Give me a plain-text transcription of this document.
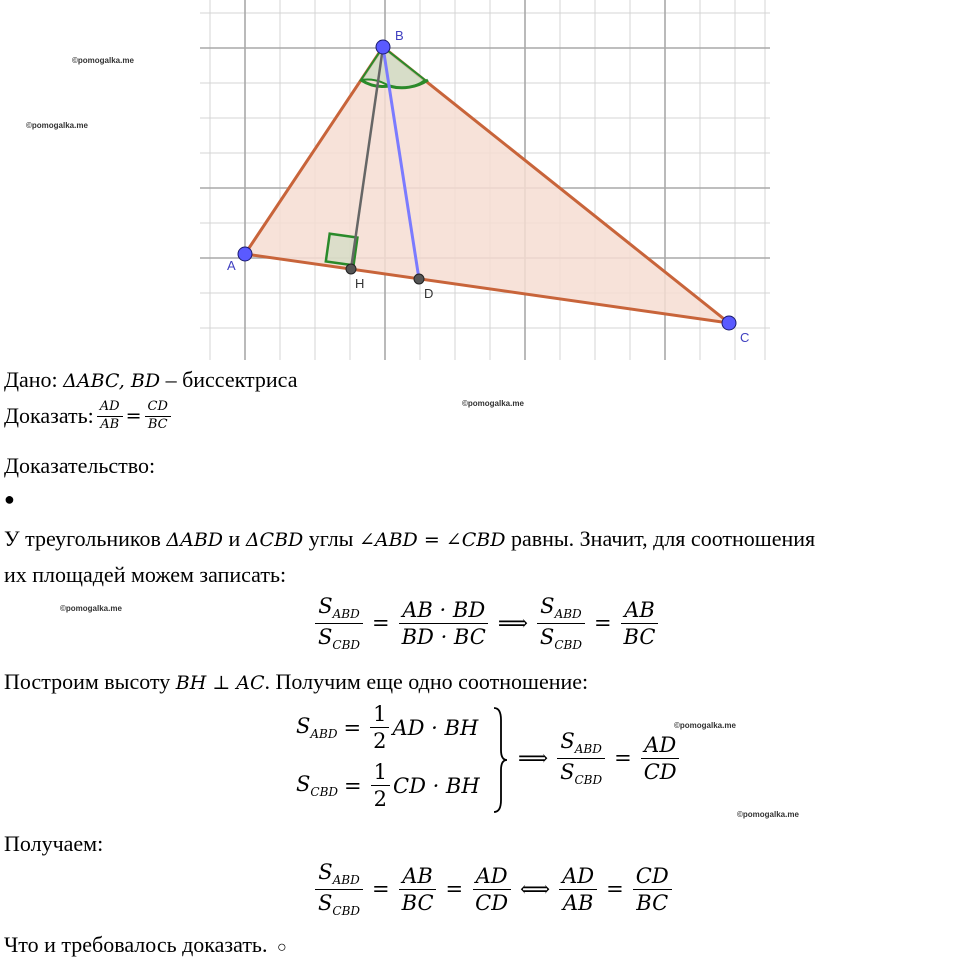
A
B
C
H
D
©pomogalka.me
©pomogalka.me
©pomogalka.me
©pomogalka.me
©pomogalka.me
©pomogalka.me
Дано: ΔABC, BD – биссектриса
Доказать: $\frac{AD}{AB} = \frac{CD}{BC}$
Доказательство:
●
У треугольников ΔABD и ΔCBD углы ∠ABD = ∠CBD равны. Значит, для соотношения
их площадей можем записать:
$\frac{S_{ABD}}{S_{CBD}} = \frac{AB \cdot BD}{BD \cdot BC}$ ⟹ $\frac{S_{ABD}}{S_{CBD}} = \frac{AB}{BC}$
Построим высоту BH ⊥ AC. Получим еще одно соотношение:
$S_{ABD} = \frac{1}{2}$ AD · BH
$S_{CBD} = \frac{1}{2}$ CD · BH
⟹ $\frac{S_{ABD}}{S_{CBD}} = \frac{AD}{CD}$
Получаем:
$\frac{S_{ABD}}{S_{CBD}} = \frac{AB}{BC} = \frac{AD}{CD}$ ⟺ $\frac{AD}{AB} = \frac{CD}{BC}$
Что и требовалось доказать. ○
